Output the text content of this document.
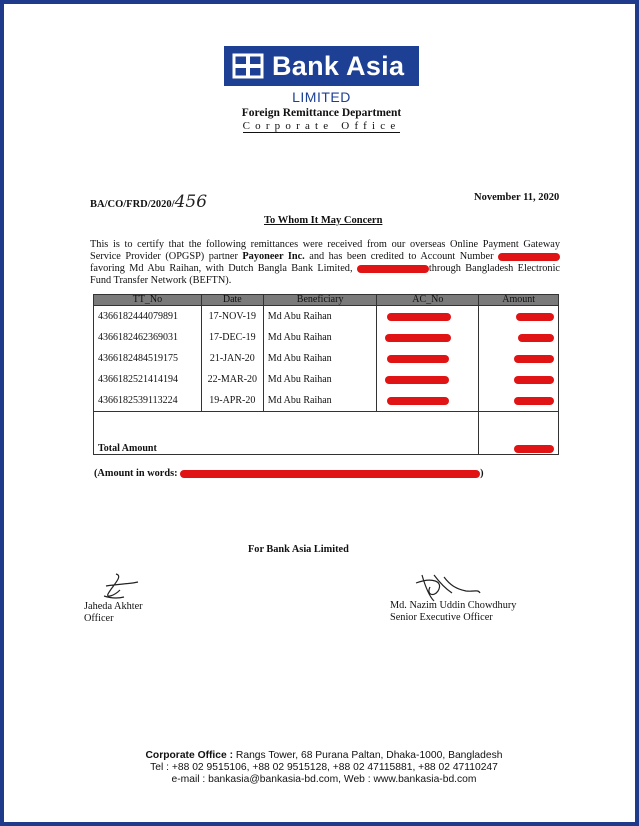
Bank Asia
LIMITED
Foreign Remittance Department
Corporate Office
BA/CO/FRD/2020/456	November 11, 2020
To Whom It May Concern
This is to certify that the following remittances were received from our overseas Online Payment Gateway Service Provider (OPGSP) partner Payoneer Inc. and has been credited to Account Number favoring Md Abu Raihan, with Dutch Bangla Bank Limited,	through Bangladesh Electronic Fund Transfer Network (BEFTN).
TT_No	Date	Beneficiary	AC_No	Amount
4366182444079891	17-NOV-19	Md Abu Raihan		
4366182462369031	17-DEC-19	Md Abu Raihan		
4366182484519175	21-JAN-20	Md Abu Raihan		
4366182521414194	22-MAR-20	Md Abu Raihan		
4366182539113224	19-APR-20	Md Abu Raihan		
Total Amount				
(Amount in words:	)
For Bank Asia Limited
Jaheda Akhter
Officer
Md. Nazim Uddin Chowdhury
Senior Executive Officer
Corporate Office : Rangs Tower, 68 Purana Paltan, Dhaka-1000, Bangladesh
Tel : +88 02 9515106, +88 02 9515128, +88 02 47115881, +88 02 47110247
e-mail : bankasia@bankasia-bd.com, Web : www.bankasia-bd.com
